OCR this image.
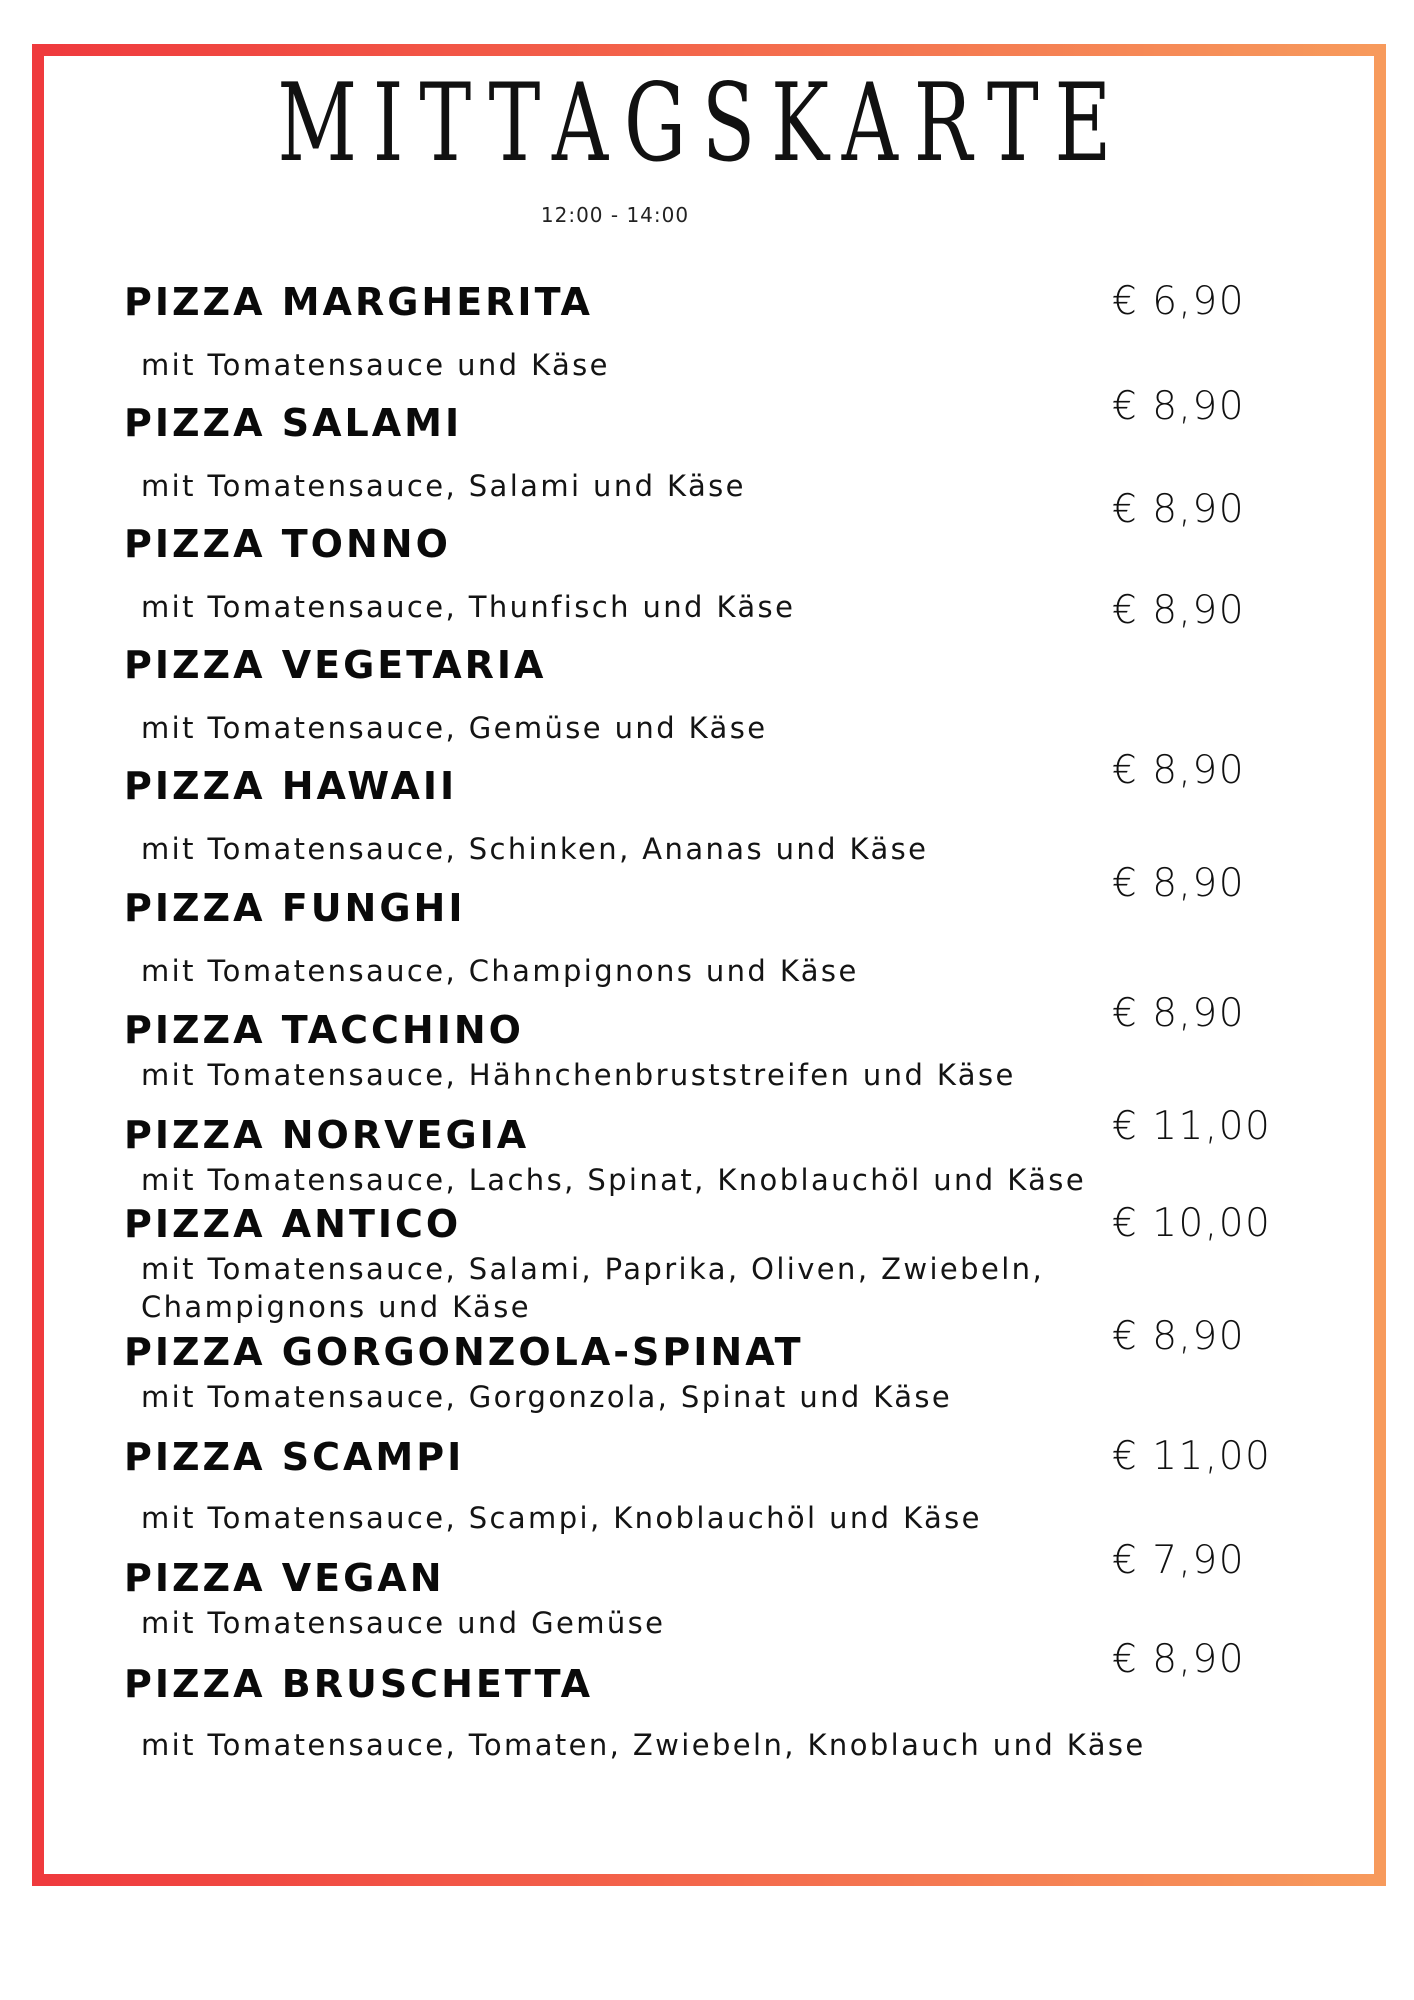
MITTAGSKARTE
12:00 - 14:00
PIZZA MARGHERITA
PIZZA SALAMI
PIZZA TONNO
PIZZA VEGETARIA
PIZZA HAWAII
PIZZA FUNGHI
PIZZA TACCHINO
PIZZA NORVEGIA
PIZZA ANTICO
PIZZA GORGONZOLA-SPINAT
PIZZA SCAMPI
PIZZA VEGAN
PIZZA BRUSCHETTA
mit Tomatensauce und Käse
mit Tomatensauce, Salami und Käse
mit Tomatensauce, Thunfisch und Käse
mit Tomatensauce, Gemüse und Käse
mit Tomatensauce, Schinken, Ananas und Käse
mit Tomatensauce, Champignons und Käse
mit Tomatensauce, Hähnchenbruststreifen und Käse
mit Tomatensauce, Lachs, Spinat, Knoblauchöl und Käse
mit Tomatensauce, Salami, Paprika, Oliven, Zwiebeln,
Champignons und Käse
mit Tomatensauce, Gorgonzola, Spinat und Käse
mit Tomatensauce, Scampi, Knoblauchöl und Käse
mit Tomatensauce und Gemüse
mit Tomatensauce, Tomaten, Zwiebeln, Knoblauch und Käse
€ 6,90
€ 8,90
€ 8,90
€ 8,90
€ 8,90
€ 8,90
€ 8,90
€ 11,00
€ 10,00
€ 8,90
€ 11,00
€ 7,90
€ 8,90
